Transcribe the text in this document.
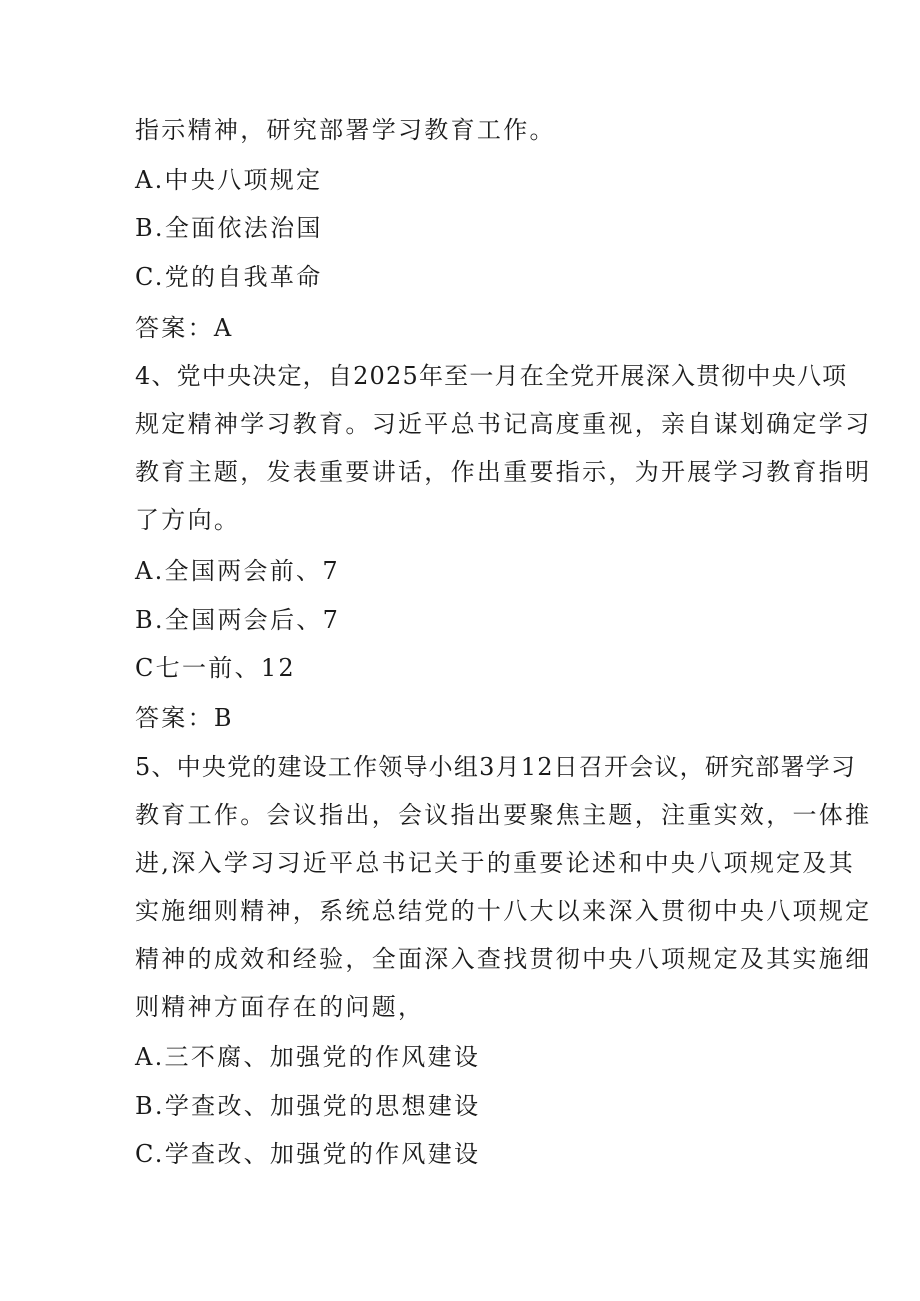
指示精神，研究部署学习教育工作。
A.中央八项规定
B.全面依法治国
C.党的自我革命
答案：A
4、党中央决定，自2025年至一月在全党开展深入贯彻中央八项
规定精神学习教育。习近平总书记高度重视，亲自谋划确定学习
教育主题，发表重要讲话，作出重要指示，为开展学习教育指明
了方向。
A.全国两会前、7
B.全国两会后、7
C七一前、12
答案：B
5、中央党的建设工作领导小组3月12日召开会议，研究部署学习
教育工作。会议指出，会议指出要聚焦主题，注重实效，一体推
进,深入学习习近平总书记关于的重要论述和中央八项规定及其
实施细则精神，系统总结党的十八大以来深入贯彻中央八项规定
精神的成效和经验，全面深入查找贯彻中央八项规定及其实施细
则精神方面存在的问题，
A.三不腐、加强党的作风建设
B.学查改、加强党的思想建设
C.学查改、加强党的作风建设
